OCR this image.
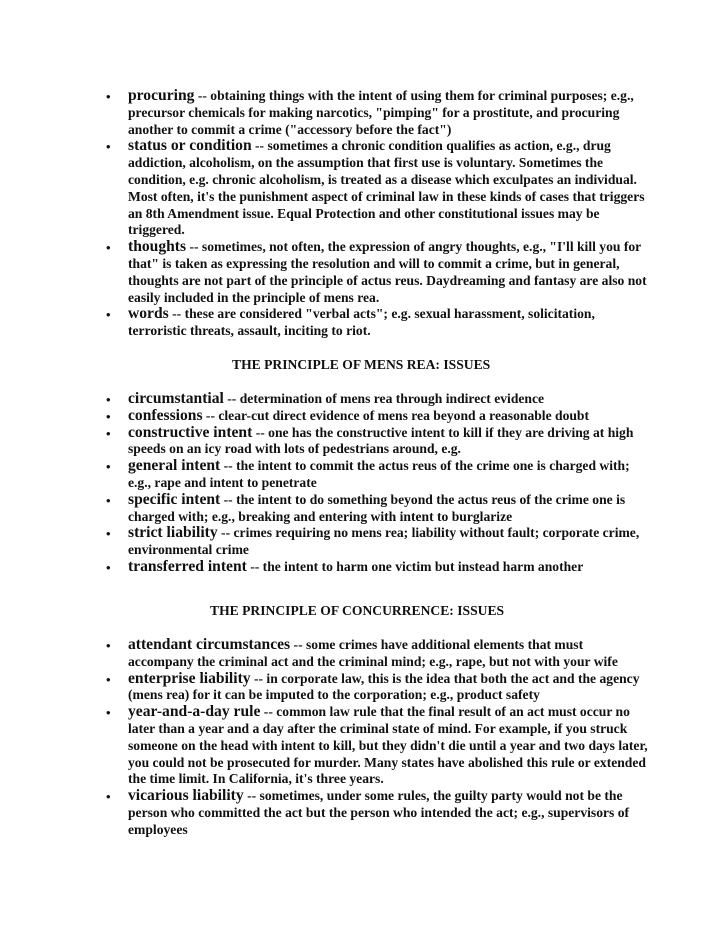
• procuring -- obtaining things with the intent of using them for criminal purposes; e.g., precursor chemicals for making narcotics, "pimping" for a prostitute, and procuring another to commit a crime ("accessory before the fact")
• status or condition -- sometimes a chronic condition qualifies as action, e.g., drug addiction, alcoholism, on the assumption that first use is voluntary. Sometimes the condition, e.g. chronic alcoholism, is treated as a disease which exculpates an individual. Most often, it's the punishment aspect of criminal law in these kinds of cases that triggers an 8th Amendment issue. Equal Protection and other constitutional issues may be triggered.
• thoughts -- sometimes, not often, the expression of angry thoughts, e.g., "I'll kill you for that" is taken as expressing the resolution and will to commit a crime, but in general, thoughts are not part of the principle of actus reus. Daydreaming and fantasy are also not easily included in the principle of mens rea.
• words -- these are considered "verbal acts"; e.g. sexual harassment, solicitation, terroristic threats, assault, inciting to riot.
THE PRINCIPLE OF MENS REA: ISSUES
• circumstantial -- determination of mens rea through indirect evidence
• confessions -- clear-cut direct evidence of mens rea beyond a reasonable doubt
• constructive intent -- one has the constructive intent to kill if they are driving at high speeds on an icy road with lots of pedestrians around, e.g.
• general intent -- the intent to commit the actus reus of the crime one is charged with; e.g., rape and intent to penetrate
• specific intent -- the intent to do something beyond the actus reus of the crime one is charged with; e.g., breaking and entering with intent to burglarize
• strict liability -- crimes requiring no mens rea; liability without fault; corporate crime, environmental crime
• transferred intent -- the intent to harm one victim but instead harm another
THE PRINCIPLE OF CONCURRENCE: ISSUES
• attendant circumstances -- some crimes have additional elements that must accompany the criminal act and the criminal mind; e.g., rape, but not with your wife
• enterprise liability -- in corporate law, this is the idea that both the act and the agency (mens rea) for it can be imputed to the corporation; e.g., product safety
• year-and-a-day rule -- common law rule that the final result of an act must occur no later than a year and a day after the criminal state of mind. For example, if you struck someone on the head with intent to kill, but they didn't die until a year and two days later, you could not be prosecuted for murder. Many states have abolished this rule or extended the time limit. In California, it's three years.
• vicarious liability -- sometimes, under some rules, the guilty party would not be the person who committed the act but the person who intended the act; e.g., supervisors of employees
